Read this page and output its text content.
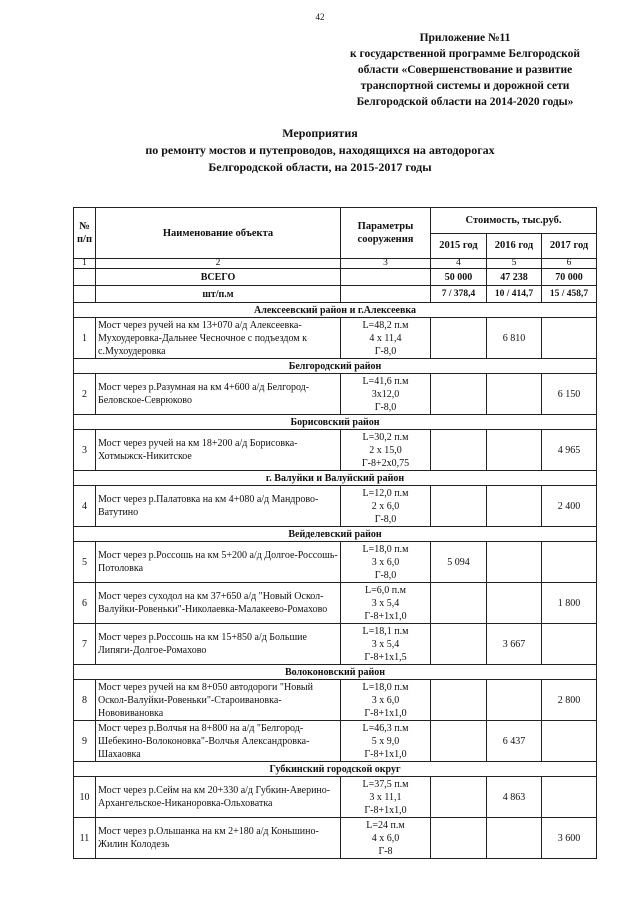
42
Приложение №11
к государственной программе Белгородской
области «Совершенствование и развитие
транспортной системы и дорожной сети
Белгородской области на 2014-2020 годы»
Мероприятия
по ремонту мостов и путепроводов, находящихся на автодорогах
Белгородской области, на 2015-2017 годы
№ п/п	Наименование объекта	Параметры сооружения	Стоимость, тыс.руб.		
			2015 год	2016 год	2017 год
1	2	3	4	5	6
	ВСЕГО		50 000	47 238	70 000
	шт/п.м		7 / 378,4	10 / 414,7	15 / 458,7
Алексеевский район и г.Алексеевка					
1	Мост через ручей на км 13+070 а/д Алексеевка-Мухоудеровка-Дальнее Чесночное с подъездом к с.Мухоудеровка	L=48,2 п.м
4 х 11,4
Г-8,0		6 810	
Белгородский район					
2	Мост через р.Разумная на км 4+600 а/д Белгород-Беловское-Севрюково	L=41,6 п.м
3х12,0
Г-8,0			6 150
Борисовский район					
3	Мост через ручей на км 18+200 а/д Борисовка-Хотмыжск-Никитское	L=30,2 п.м
2 х 15,0
Г-8+2х0,75			4 965
г. Валуйки и Валуйский район					
4	Мост через р.Палатовка на км 4+080 а/д Мандрово-Ватутино	L=12,0 п.м
2 х 6,0
Г-8,0			2 400
Вейделевский район					
5	Мост через р.Россошь на км 5+200 а/д Долгое-Россошь-Потоловка	L=18,0 п.м
3 х 6,0
Г-8,0	5 094		
6	Мост через суходол на км 37+650 а/д "Новый Оскол-Валуйки-Ровеньки"-Николаевка-Малакеево-Ромахово	L=6,0 п.м
3 х 5,4
Г-8+1х1,0			1 800
7	Мост через р.Россошь на км 15+850 а/д Большие Липяги-Долгое-Ромахово	L=18,1 п.м
3 х 5,4
Г-8+1х1,5		3 667	
Волоконовский район					
8	Мост через ручей на км 8+050 автодороги "Новый Оскол-Валуйки-Ровеньки"-Староивановка-Нововивановка	L=18,0 п.м
3 х 6,0
Г-8+1х1,0			2 800
9	Мост через р.Волчья на 8+800 на а/д "Белгород-Шебекино-Волоконовка"-Волчья Александровка-Шахаовка	L=46,3 п.м
5 х 9,0
Г-8+1х1,0		6 437	
Губкинский городской округ					
10	Мост через р.Сейм на км 20+330 а/д Губкин-Аверино-Архангельское-Никаноровка-Ольховатка	L=37,5 п.м
3 х 11,1
Г-8+1х1,0		4 863	
11	Мост через р.Ольшанка на км 2+180 а/д Коньшино-Жилин Колодезь	L=24 п.м
4 х 6,0
Г-8			3 600
